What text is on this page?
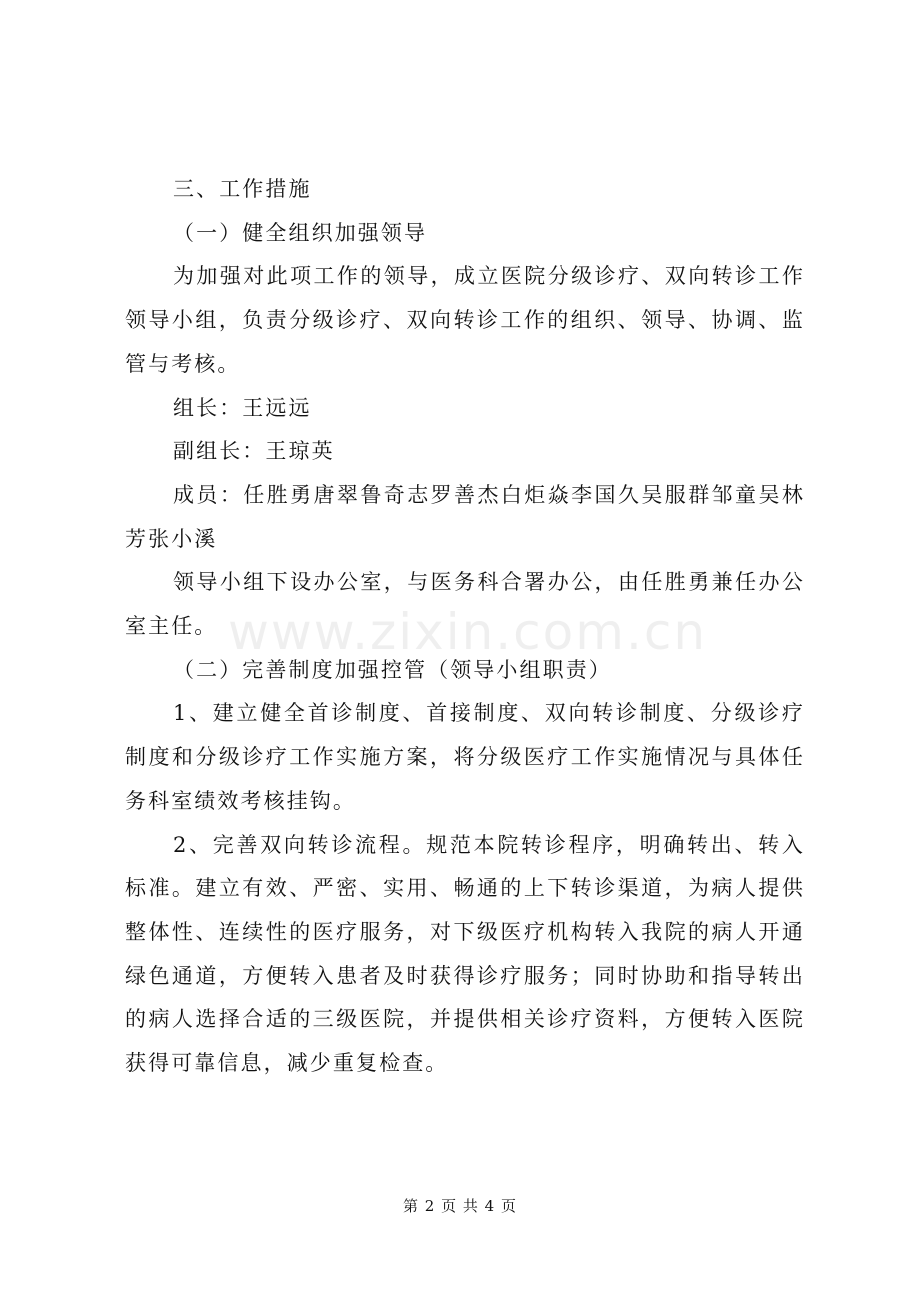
三、工作措施

（一）健全组织加强领导

为加强对此项工作的领导，成立医院分级诊疗、双向转诊工作领导小组，负责分级诊疗、双向转诊工作的组织、领导、协调、监管与考核。

组长：王远远

副组长：王琼英

成员：任胜勇唐翠鲁奇志罗善杰白炬焱李国久吴服群邹童吴林芳张小溪

领导小组下设办公室，与医务科合署办公，由任胜勇兼任办公室主任。

（二）完善制度加强控管（领导小组职责）

1、建立健全首诊制度、首接制度、双向转诊制度、分级诊疗制度和分级诊疗工作实施方案，将分级医疗工作实施情况与具体任务科室绩效考核挂钩。

2、完善双向转诊流程。规范本院转诊程序，明确转出、转入标准。建立有效、严密、实用、畅通的上下转诊渠道，为病人提供整体性、连续性的医疗服务，对下级医疗机构转入我院的病人开通绿色通道，方便转入患者及时获得诊疗服务；同时协助和指导转出的病人选择合适的三级医院，并提供相关诊疗资料，方便转入医院获得可靠信息，减少重复检查。

www.zixin.com.cn
第 2 页 共 4 页
